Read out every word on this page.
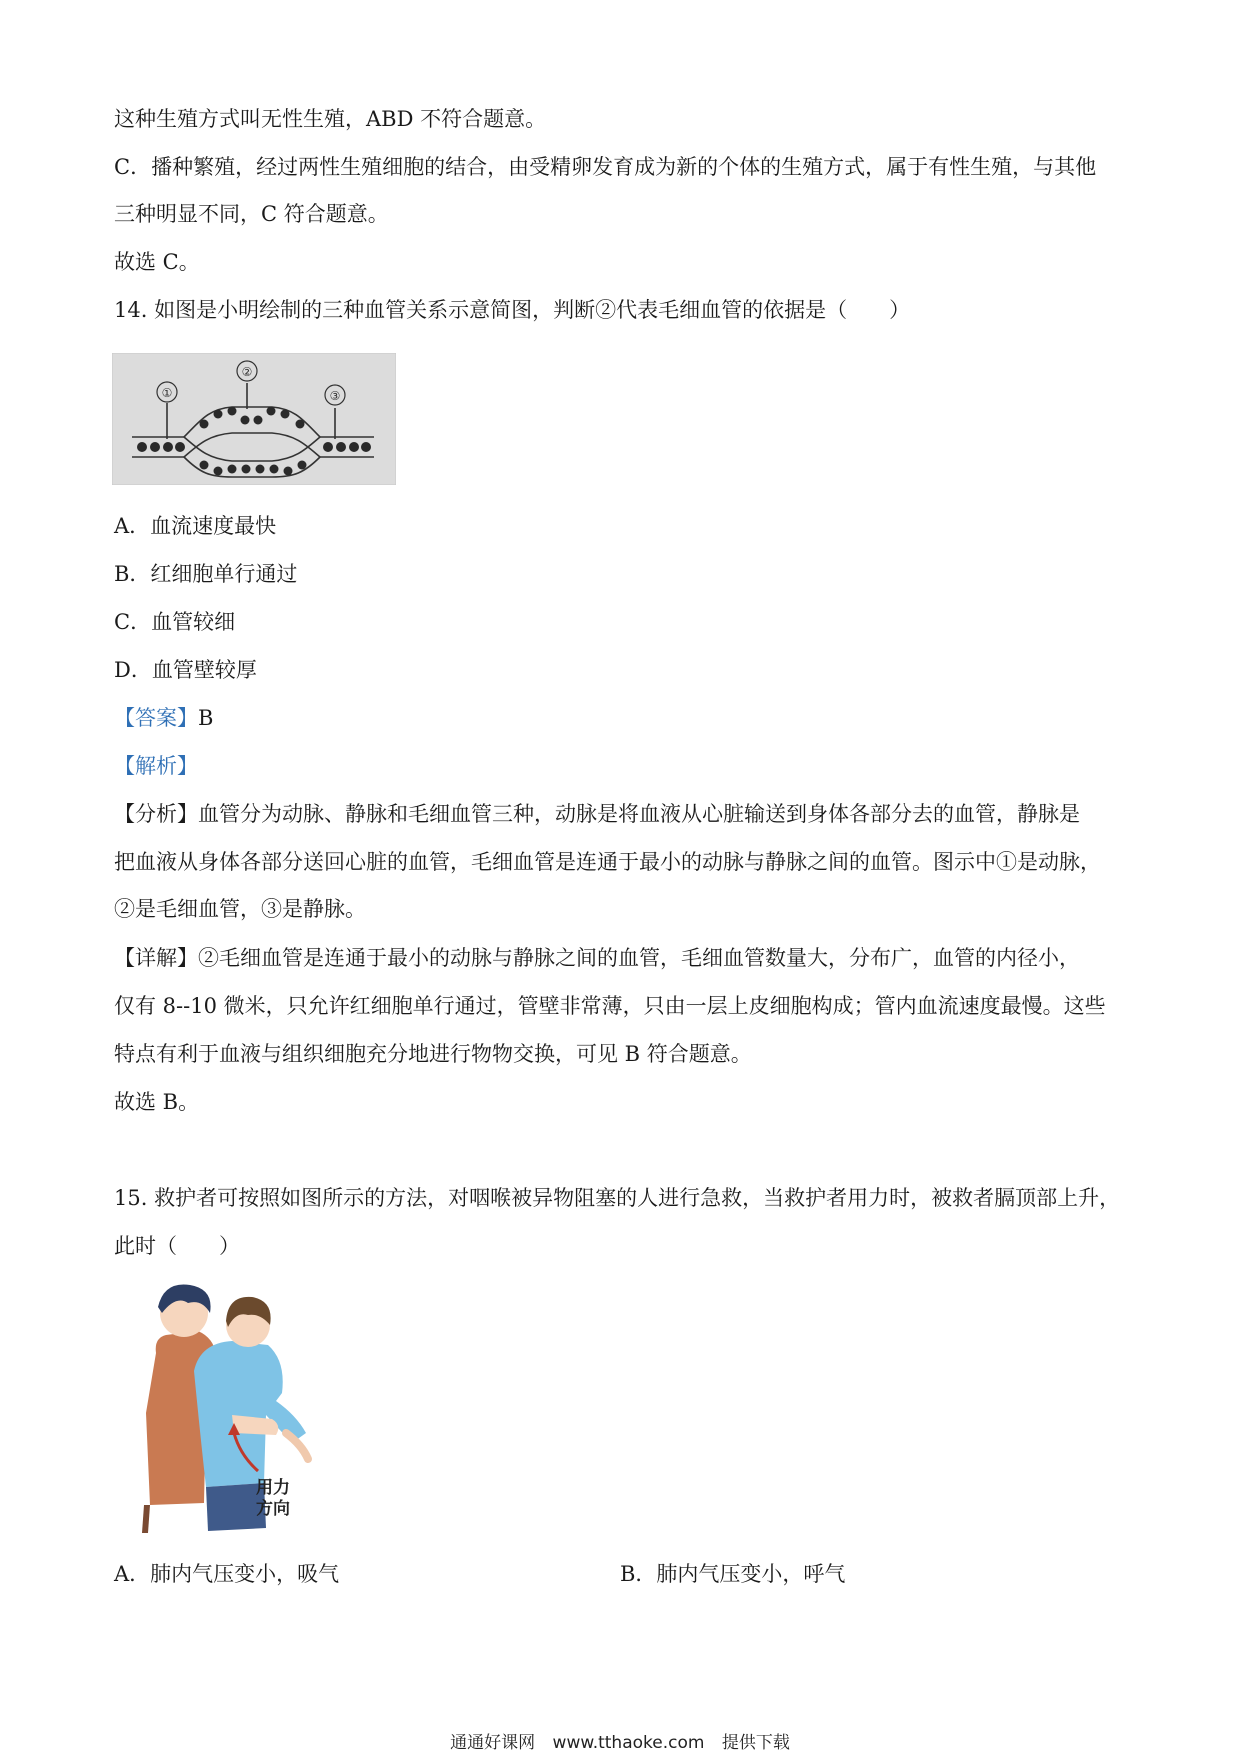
这种生殖方式叫无性生殖，ABD 不符合题意。
C．播种繁殖，经过两性生殖细胞的结合，由受精卵发育成为新的个体的生殖方式，属于有性生殖，与其他
三种明显不同，C 符合题意。
故选 C。
14. 如图是小明绘制的三种血管关系示意简图，判断②代表毛细血管的依据是（　　）
①
②
③
A．血流速度最快
B．红细胞单行通过
C．血管较细
D．血管壁较厚
【答案】B
【解析】
【分析】血管分为动脉、静脉和毛细血管三种，动脉是将血液从心脏输送到身体各部分去的血管，静脉是
把血液从身体各部分送回心脏的血管，毛细血管是连通于最小的动脉与静脉之间的血管。图示中①是动脉，
②是毛细血管，③是静脉。
【详解】②毛细血管是连通于最小的动脉与静脉之间的血管，毛细血管数量大，分布广，血管的内径小，
仅有 8--10 微米，只允许红细胞单行通过，管壁非常薄，只由一层上皮细胞构成；管内血流速度最慢。这些
特点有利于血液与组织细胞充分地进行物物交换，可见 B 符合题意。
故选 B。
15. 救护者可按照如图所示的方法，对咽喉被异物阻塞的人进行急救，当救护者用力时，被救者膈顶部上升，
此时（　　）
用力
方向
A．肺内气压变小，吸气	B．肺内气压变小，呼气
通通好课网 www.tthaoke.com 提供下载
